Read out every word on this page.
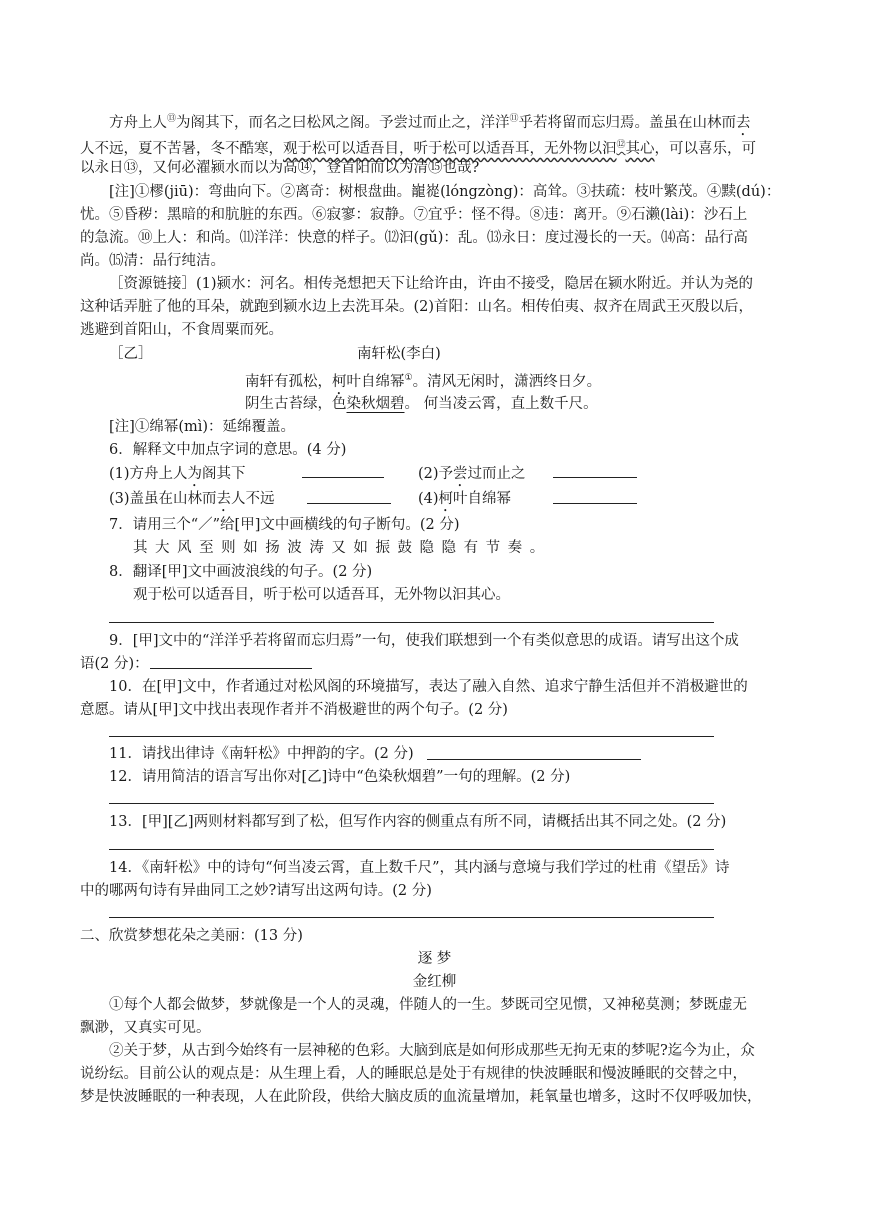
方舟上人⑬为阁其下，而名之曰松风之阁。予尝过而止之，洋洋⑪乎若将留而忘归焉。盖虽在山林而去
人不远，夏不苦暑，冬不酷寒，观于松可以适吾目，听于松可以适吾耳，无外物以汩⑫其心，可以喜乐，可
以永日⑬，又何必濯颍水而以为高⑭，登首阳而以为清⑮也哉?
[注]①樛(jiū)：弯曲向下。②离奇：树根盘曲。巃嵸(lóngzòng)：高耸。③扶疏：枝叶繁茂。④黩(dú)：
忧。⑤昏秽：黑暗的和肮脏的东西。⑥寂寥：寂静。⑦宜乎：怪不得。⑧违：离开。⑨石濑(lài)：沙石上
的急流。⑩上人：和尚。⑾洋洋：快意的样子。⑿汩(gǔ)：乱。⒀永日：度过漫长的一天。⒁高：品行高
尚。⒂清：品行纯洁。
［资源链接］(1)颍水：河名。相传尧想把天下让给许由，许由不接受，隐居在颍水附近。并认为尧的
这种话弄脏了他的耳朵，就跑到颍水边上去洗耳朵。(2)首阳：山名。相传伯夷、叔齐在周武王灭殷以后，
逃避到首阳山，不食周粟而死。
［乙］	南轩松(李白)
南轩有孤松，柯叶自绵幂①。清风无闲时，潇洒终日夕。
阴生古苔绿，色染秋烟碧。 何当凌云霄，直上数千尺。
[注]①绵幂(mì)：延绵覆盖。
6．解释文中加点字词的意思。(4 分)
(1)方舟上人为阁其下	(2)予尝过而止之
(3)盖虽在山林而去人不远	(4)柯叶自绵幂
7．请用三个“／”给[甲]文中画横线的句子断句。(2 分)
其大风至则如扬波涛又如振鼓隐隐有节奏。
8．翻译[甲]文中画波浪线的句子。(2 分)
观于松可以适吾目，听于松可以适吾耳，无外物以汩其心。
9．[甲]文中的“洋洋乎若将留而忘归焉”一句，使我们联想到一个有类似意思的成语。请写出这个成
语(2 分)：
10．在[甲]文中，作者通过对松风阁的环境描写，表达了融入自然、追求宁静生活但并不消极避世的
意愿。请从[甲]文中找出表现作者并不消极避世的两个句子。(2 分)
11．请找出律诗《南轩松》中押韵的字。(2 分)
12．请用简洁的语言写出你对[乙]诗中“色染秋烟碧”一句的理解。(2 分)
13．[甲][乙]两则材料都写到了松，但写作内容的侧重点有所不同，请概括出其不同之处。(2 分)
14．《南轩松》中的诗句“何当凌云霄，直上数千尺”，其内涵与意境与我们学过的杜甫《望岳》诗
中的哪两句诗有异曲同工之妙?请写出这两句诗。(2 分)
二、欣赏梦想花朵之美丽：(13 分)
逐 梦
金红柳
①每个人都会做梦，梦就像是一个人的灵魂，伴随人的一生。梦既司空见惯，又神秘莫测；梦既虚无
飘渺，又真实可见。
②关于梦，从古到今始终有一层神秘的色彩。大脑到底是如何形成那些无拘无束的梦呢?迄今为止，众
说纷纭。目前公认的观点是：从生理上看，人的睡眠总是处于有规律的快波睡眠和慢波睡眠的交替之中，
梦是快波睡眠的一种表现，人在此阶段，供给大脑皮质的血流量增加，耗氧量也增多，这时不仅呼吸加快，
